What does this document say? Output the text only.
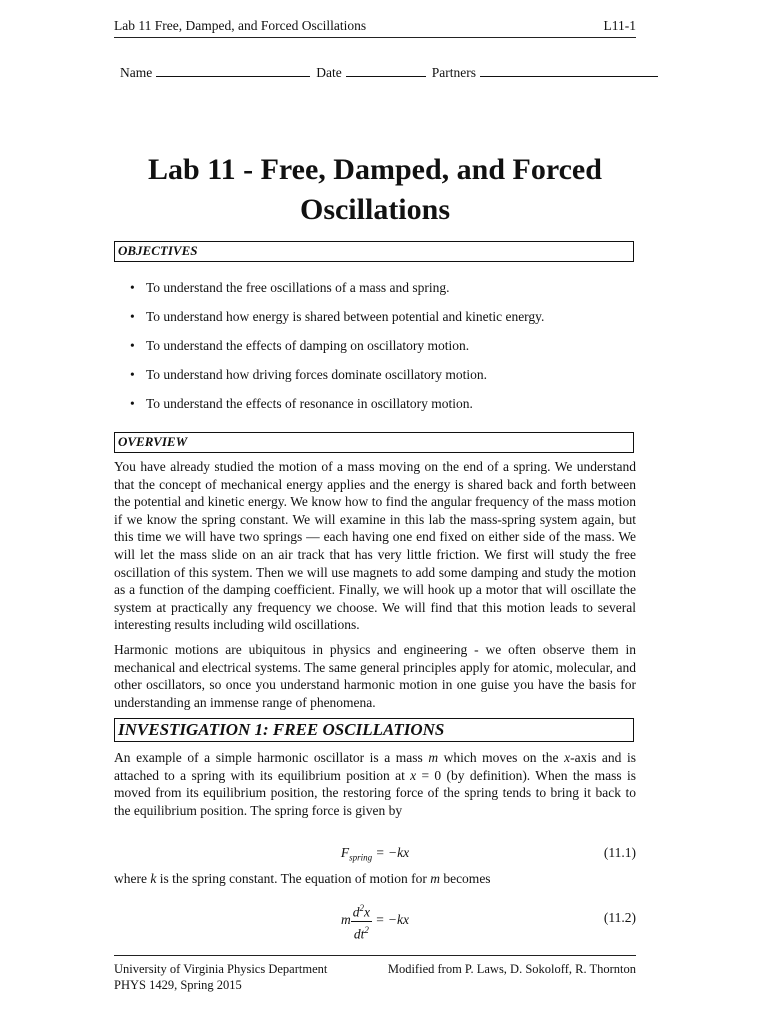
Lab 11 Free, Damped, and Forced Oscillations	L11-1
Name	Date	Partners
Lab 11 - Free, Damped, and Forced
Oscillations
OBJECTIVES
• To understand the free oscillations of a mass and spring.
• To understand how energy is shared between potential and kinetic energy.
• To understand the effects of damping on oscillatory motion.
• To understand how driving forces dominate oscillatory motion.
• To understand the effects of resonance in oscillatory motion.
OVERVIEW

You have already studied the motion of a mass moving on the end of a spring. We understand that the concept of mechanical energy applies and the energy is shared back and forth between the potential and kinetic energy. We know how to find the angular frequency of the mass motion if we know the spring constant. We will examine in this lab the mass-spring system again, but this time we will have two springs — each having one end fixed on either side of the mass. We will let the mass slide on an air track that has very little friction. We first will study the free oscillation of this system. Then we will use magnets to add some damping and study the motion as a function of the damping coefficient. Finally, we will hook up a motor that will oscillate the system at practically any frequency we choose. We will find that this motion leads to several interesting results including wild oscillations.

Harmonic motions are ubiquitous in physics and engineering - we often observe them in mechanical and electrical systems. The same general principles apply for atomic, molecular, and other oscillators, so once you understand harmonic motion in one guise you have the basis for understanding an immense range of phenomena.

INVESTIGATION 1: FREE OSCILLATIONS

An example of a simple harmonic oscillator is a mass m which moves on the x-axis and is attached to a spring with its equilibrium position at x = 0 (by definition). When the mass is moved from its equilibrium position, the restoring force of the spring tends to bring it back to the equilibrium position. The spring force is given by

$F_{spring} = -kx$	(11.1)

where k is the spring constant. The equation of motion for m becomes

m $\frac{d^2x}{dt^2} = -kx$	(11.2)
University of Virginia Physics Department
PHYS 1429, Spring 2015
Modified from P. Laws, D. Sokoloff, R. Thornton
